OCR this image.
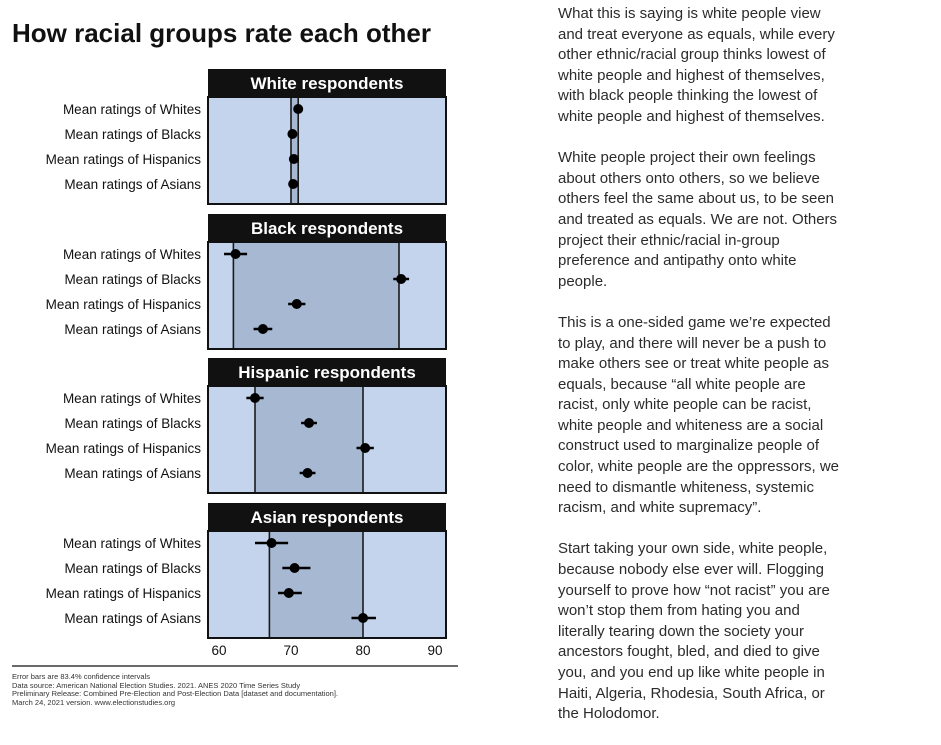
How racial groups rate each other
White respondents
Mean ratings of Whites
Mean ratings of Blacks
Mean ratings of Hispanics
Mean ratings of Asians
Black respondents
Mean ratings of Whites
Mean ratings of Blacks
Mean ratings of Hispanics
Mean ratings of Asians
Hispanic respondents
Mean ratings of Whites
Mean ratings of Blacks
Mean ratings of Hispanics
Mean ratings of Asians
Asian respondents
Mean ratings of Whites
Mean ratings of Blacks
Mean ratings of Hispanics
Mean ratings of Asians
60	70	80	90
Error bars are 83.4% confidence intervals
Data source: American National Election Studies. 2021. ANES 2020 Time Series Study
Preliminary Release: Combined Pre-Election and Post-Election Data [dataset and documentation].
March 24, 2021 version. www.electionstudies.org

What this is saying is white people view
and treat everyone as equals, while every
other ethnic/racial group thinks lowest of
white people and highest of themselves,
with black people thinking the lowest of
white people and highest of themselves.

White people project their own feelings
about others onto others, so we believe
others feel the same about us, to be seen
and treated as equals. We are not. Others
project their ethnic/racial in-group
preference and antipathy onto white
people.

This is a one-sided game we’re expected
to play, and there will never be a push to
make others see or treat white people as
equals, because “all white people are
racist, only white people can be racist,
white people and whiteness are a social
construct used to marginalize people of
color, white people are the oppressors, we
need to dismantle whiteness, systemic
racism, and white supremacy”.

Start taking your own side, white people,
because nobody else ever will. Flogging
yourself to prove how “not racist” you are
won’t stop them from hating you and
literally tearing down the society your
ancestors fought, bled, and died to give
you, and you end up like white people in
Haiti, Algeria, Rhodesia, South Africa, or
the Holodomor.
